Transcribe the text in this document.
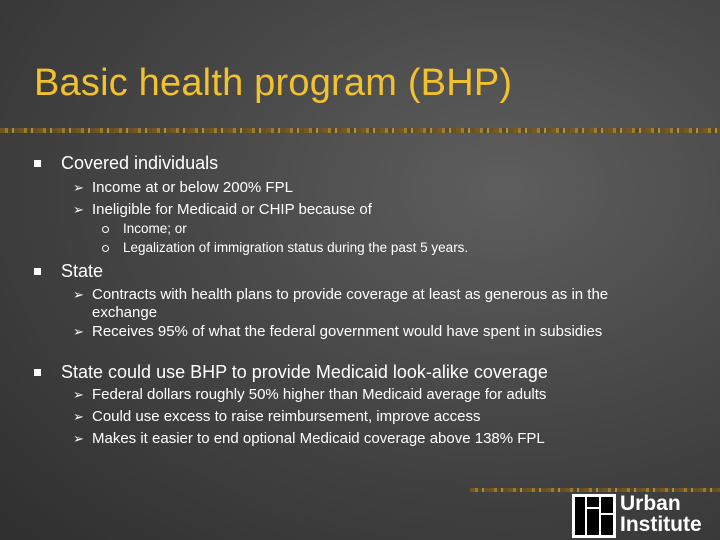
Basic health program (BHP)
Covered individuals
➢ Income at or below 200% FPL
➢ Ineligible for Medicaid or CHIP because of
Income; or
Legalization of immigration status during the past 5 years.
State
➢ Contracts with health plans to provide coverage at least as generous as in the exchange
➢ Receives 95% of what the federal government would have spent in subsidies
State could use BHP to provide Medicaid look-alike coverage
➢ Federal dollars roughly 50% higher than Medicaid average for adults
➢ Could use excess to raise reimbursement, improve access
➢ Makes it easier to end optional Medicaid coverage above 138% FPL
Urban
Institute
